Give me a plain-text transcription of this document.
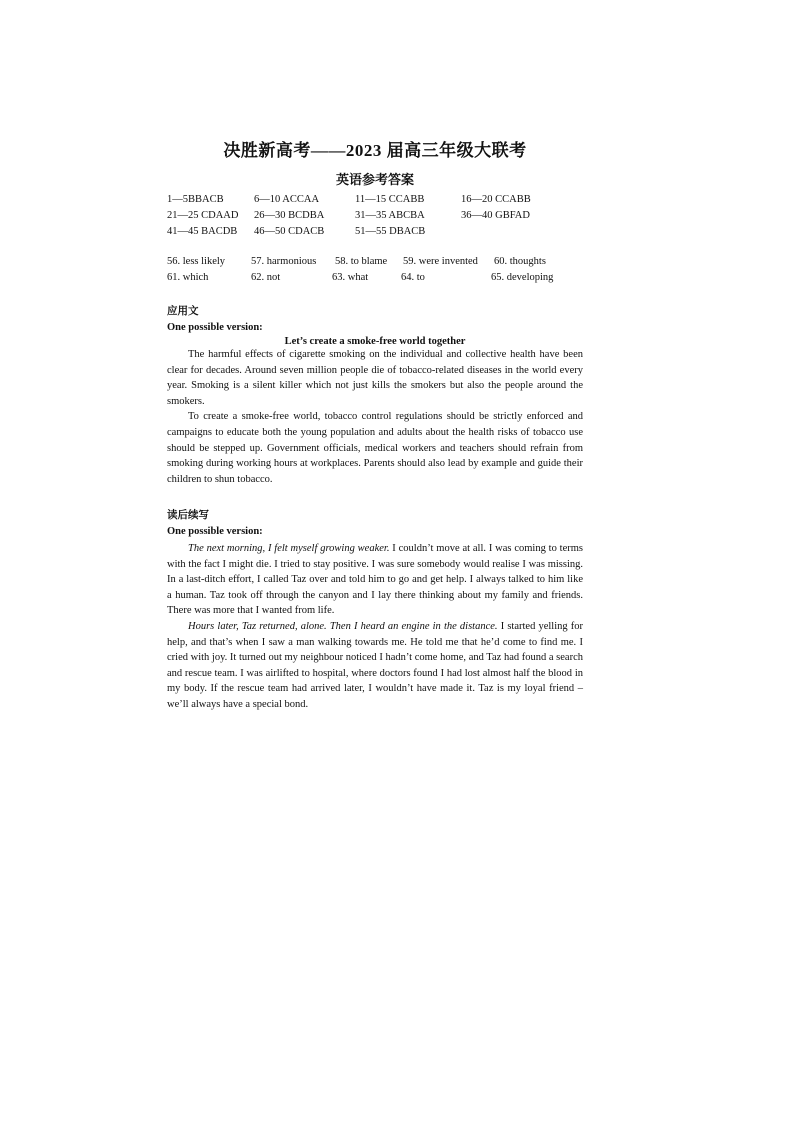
决胜新高考——2023 届高三年级大联考
英语参考答案
1—5BBACB	6—10 ACCAA	11—15 CCABB	16—20 CCABB
21—25 CDAAD 26—30 BCDBA	31—35 ABCBA	36—40 GBFAD
41—45 BACDB 46—50 CDACB	51—55 DBACB
56. less likely 57. harmonious 58. to blame 59. were invented 60. thoughts
61. which	62. not	63. what	64. to	65. developing
应用文
One possible version:
Let’s create a smoke-free world together

The harmful effects of cigarette smoking on the individual and collective health have been clear for decades. Around seven million people die of tobacco-related diseases in the world every year. Smoking is a silent killer which not just kills the smokers but also the people around the smokers.

To create a smoke-free world, tobacco control regulations should be strictly enforced and campaigns to educate both the young population and adults about the health risks of tobacco use should be stepped up. Government officials, medical workers and teachers should refrain from smoking during working hours at workplaces. Parents should also lead by example and guide their children to shun tobacco.

读后续写
One possible version:

The next morning, I felt myself growing weaker. I couldn’t move at all. I was coming to terms with the fact I might die. I tried to stay positive. I was sure somebody would realise I was missing. In a last-ditch effort, I called Taz over and told him to go and get help. I always talked to him like a human. Taz took off through the canyon and I lay there thinking about my family and friends. There was more that I wanted from life.

Hours later, Taz returned, alone. Then I heard an engine in the distance. I started yelling for help, and that’s when I saw a man walking towards me. He told me that he’d come to find me. I cried with joy. It turned out my neighbour noticed I hadn’t come home, and Taz had found a search and rescue team. I was airlifted to hospital, where doctors found I had lost almost half the blood in my body. If the rescue team had arrived later, I wouldn’t have made it. Taz is my loyal friend – we’ll always have a special bond.
